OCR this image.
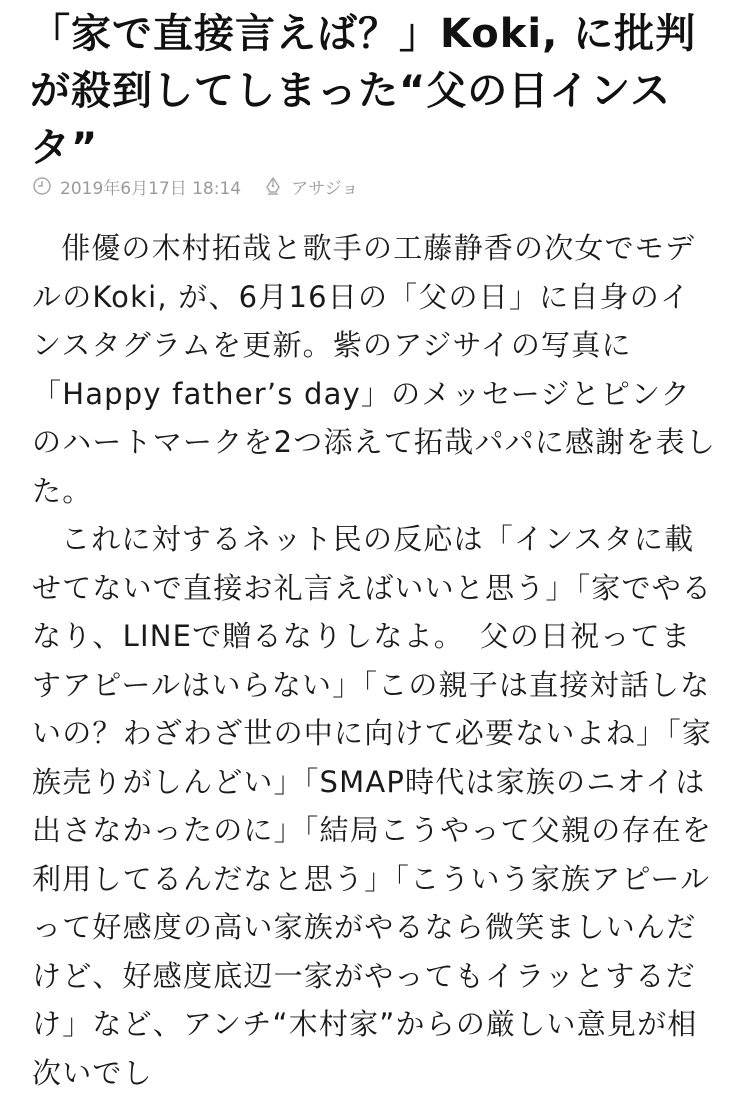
「家で直接言えば？」Koki, に批判が殺到してしまった“父の日インスタ”
2019年6月17日 18:14	アサジョ

俳優の木村拓哉と歌手の工藤静香の次女でモデルのKoki, が、6月16日の「父の日」に自身のインスタグラムを更新。紫のアジサイの写真に「Happy father’s day」のメッセージとピンクのハートマークを2つ添えて拓哉パパに感謝を表した。

これに対するネット民の反応は「インスタに載せてないで直接お礼言えばいいと思う」「家でやるなり、LINEで贈るなりしなよ。　父の日祝ってますアピールはいらない」「この親子は直接対話しないの？わざわざ世の中に向けて必要ないよね」「家族売りがしんどい」「SMAP時代は家族のニオイは出さなかったのに」「結局こうやって父親の存在を利用してるんだなと思う」「こういう家族アピールって好感度の高い家族がやるなら微笑ましいんだけど、好感度底辺一家がやってもイラッとするだけ」など、アンチ“木村家”からの厳しい意見が相次いでし
